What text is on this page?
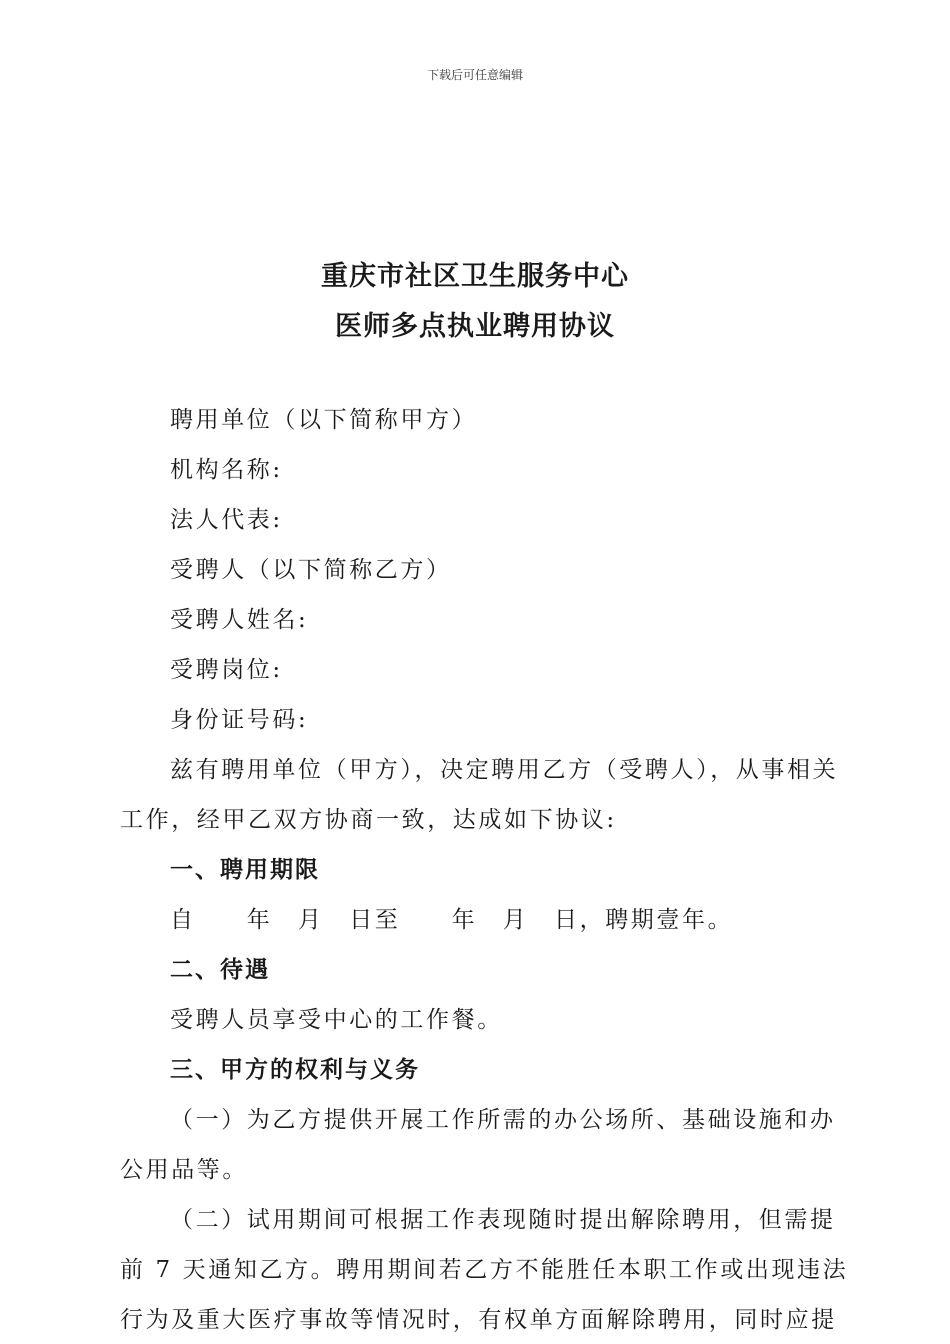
下载后可任意编辑
重庆市社区卫生服务中心
医师多点执业聘用协议
聘用单位（以下简称甲方）
机构名称:
法人代表:
受聘人（以下简称乙方）
受聘人姓名:
受聘岗位:
身份证号码:
兹有聘用单位（甲方），决定聘用乙方（受聘人），从事相关
工作，经甲乙双方协商一致，达成如下协议:
一、聘用期限
自　　年　月　日至　　年　月　日，聘期壹年。
二、待遇
受聘人员享受中心的工作餐。
三、甲方的权利与义务
（一）为乙方提供开展工作所需的办公场所、基础设施和办
公用品等。
（二）试用期间可根据工作表现随时提出解除聘用，但需提
前 7 天通知乙方。聘用期间若乙方不能胜任本职工作或出现违法
行为及重大医疗事故等情况时，有权单方面解除聘用，同时应提
